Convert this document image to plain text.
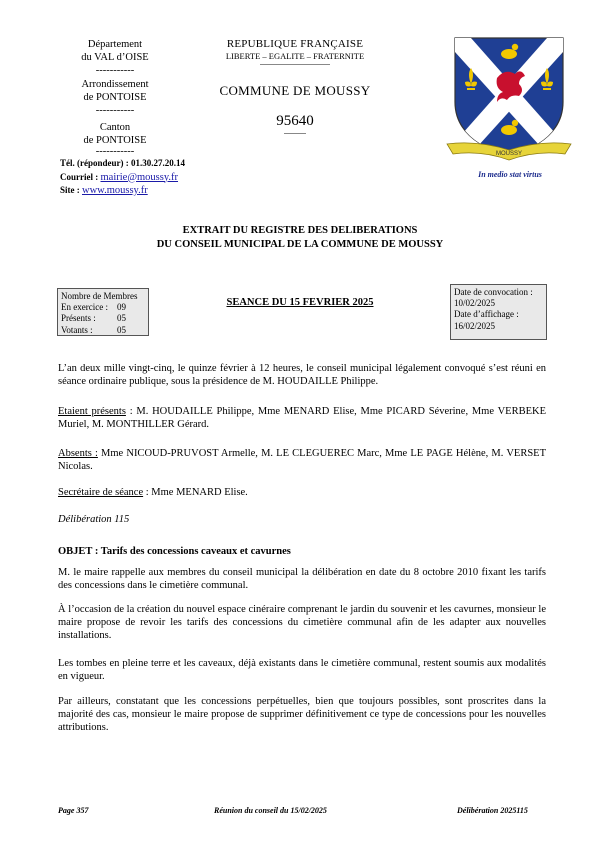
Département
du VAL d’OISE
-----------
Arrondissement
de PONTOISE
-----------
Canton
de PONTOISE
-----------
Tél. (répondeur) : 01.30.27.20.14
Courriel : mairie@moussy.fr
Site : www.moussy.fr
REPUBLIQUE FRANÇAISE
LIBERTE – EGALITE – FRATERNITE
COMMUNE DE MOUSSY
95640
MOUSSY
In medio stat virtus
EXTRAIT DU REGISTRE DES DELIBERATIONS
DU CONSEIL MUNICIPAL DE LA COMMUNE DE MOUSSY
Nombre de Membres
En exercice :	09
Présents :	05
Votants :	05
SEANCE DU 15 FEVRIER 2025
Date de convocation :
10/02/2025
Date d’affichage :
16/02/2025
L’an deux mille vingt-cinq, le quinze février à 12 heures, le conseil municipal légalement convoqué s’est réuni en séance ordinaire publique, sous la présidence de M. HOUDAILLE Philippe.
Etaient présents : M. HOUDAILLE Philippe, Mme MENARD Elise, Mme PICARD Séverine, Mme VERBEKE Muriel, M. MONTHILLER Gérard.
Absents : Mme NICOUD-PRUVOST Armelle, M. LE CLEGUEREC Marc, Mme LE PAGE Hélène, M. VERSET Nicolas.
Secrétaire de séance : Mme MENARD Elise.
Délibération 115
OBJET : Tarifs des concessions caveaux et cavurnes
M. le maire rappelle aux membres du conseil municipal la délibération en date du 8 octobre 2010 fixant les tarifs des concessions dans le cimetière communal.
À l’occasion de la création du nouvel espace cinéraire comprenant le jardin du souvenir et les cavurnes, monsieur le maire propose de revoir les tarifs des concessions du cimetière communal afin de les adapter aux nouvelles installations.
Les tombes en pleine terre et les caveaux, déjà existants dans le cimetière communal, restent soumis aux modalités en vigueur.
Par ailleurs, constatant que les concessions perpétuelles, bien que toujours possibles, sont proscrites dans la majorité des cas, monsieur le maire propose de supprimer définitivement ce type de concessions pour les nouvelles attributions.
Page 357	Réunion du conseil du 15/02/2025	Délibération 2025115
